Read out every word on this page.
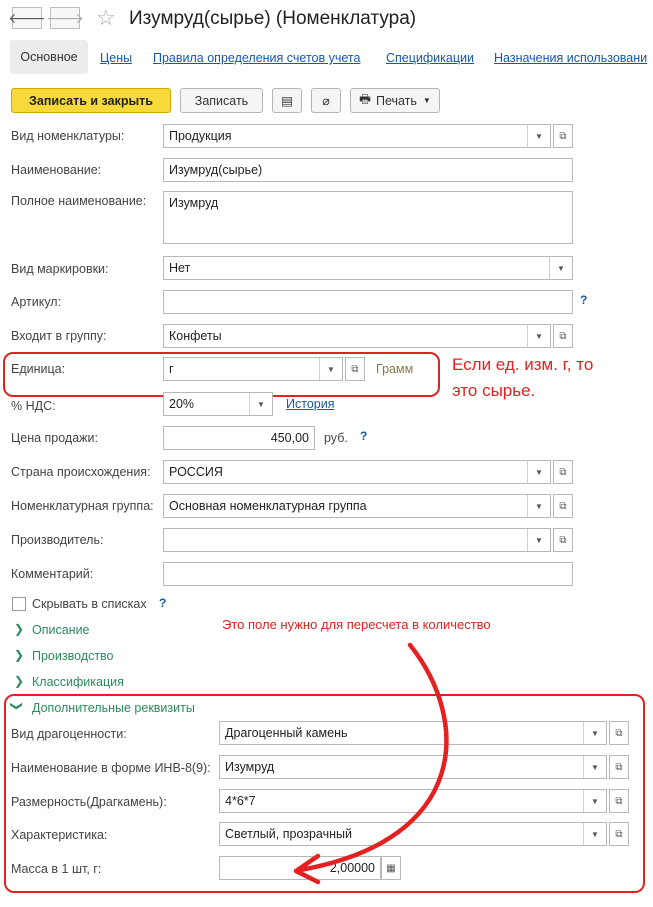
🡐 🡒 ☆ Изумруд(сырье) (Номенклатура)
Основное Цены Правила определения счетов учета Спецификации Назначения использовани
Записать и закрыть	Записать	▤ ⌀ 🖶 Печать ▼
Вид номенклатуры:	Продукция	▼	⧉
Наименование:	Изумруд(сырье)
Полное наименование: Изумруд
Вид маркировки:	Нет	▼
Артикул:	?
Входит в группу:	Конфеты	▼	⧉
Единица:	г	▼	⧉ Грамм Если ед. изм. г, то
это сырье.
% НДС:	20%	▼	История
Цена продажи:	450,00 руб. ?
Страна происхождения: РОССИЯ	▼	⧉
Номенклатурная группа: Основная номенклатурная группа	▼	⧉
Производитель:	▼	⧉
Комментарий:
Скрывать в списках ?
❯ Описание
❯ Производство
❯ Классификация
Это поле нужно для пересчета в количество
❯ Дополнительные реквизиты
Вид драгоценности:	Драгоценный камень	▼	⧉
Наименование в форме ИНВ-8(9): Изумруд	▼	⧉
Размерность(Драгкамень):	4*6*7	▼	⧉
Характеристика:	Светлый, прозрачный	▼	⧉
Масса в 1 шт, г:	2,00000 ▦
